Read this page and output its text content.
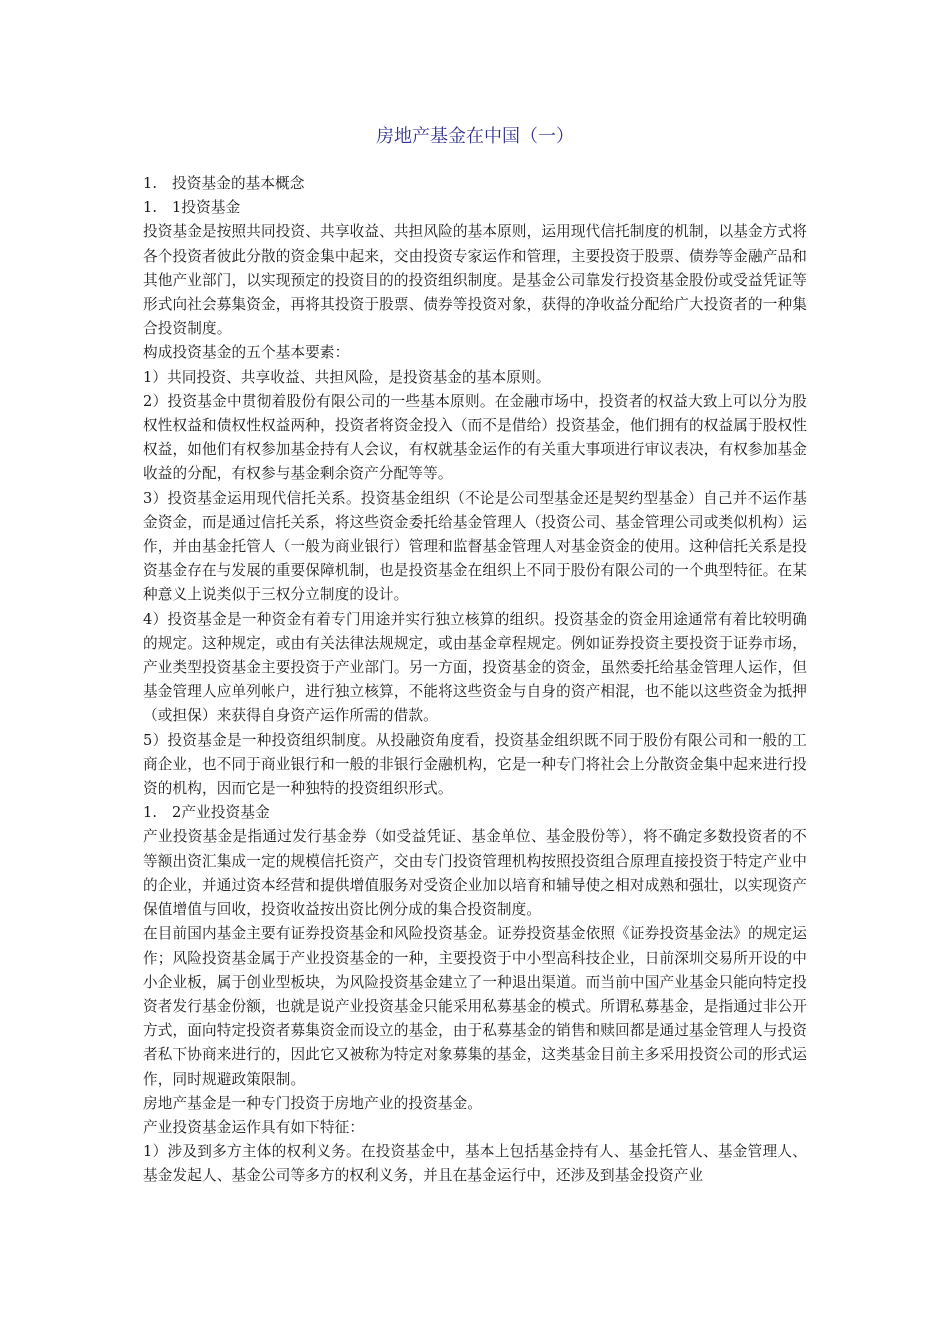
房地产基金在中国（一）

1.　投资基金的基本概念

1.　1投资基金

投资基金是按照共同投资、共享收益、共担风险的基本原则，运用现代信托制度的机制，以基金方式将各个投资者彼此分散的资金集中起来，交由投资专家运作和管理，主要投资于股票、债券等金融产品和其他产业部门，以实现预定的投资目的的投资组织制度。是基金公司靠发行投资基金股份或受益凭证等形式向社会募集资金，再将其投资于股票、债券等投资对象，获得的净收益分配给广大投资者的一种集合投资制度。

构成投资基金的五个基本要素：

1）共同投资、共享收益、共担风险，是投资基金的基本原则。

2）投资基金中贯彻着股份有限公司的一些基本原则。在金融市场中，投资者的权益大致上可以分为股权性权益和债权性权益两种，投资者将资金投入（而不是借给）投资基金，他们拥有的权益属于股权性权益，如他们有权参加基金持有人会议，有权就基金运作的有关重大事项进行审议表决，有权参加基金收益的分配，有权参与基金剩余资产分配等等。

3）投资基金运用现代信托关系。投资基金组织（不论是公司型基金还是契约型基金）自己并不运作基金资金，而是通过信托关系，将这些资金委托给基金管理人（投资公司、基金管理公司或类似机构）运作，并由基金托管人（一般为商业银行）管理和监督基金管理人对基金资金的使用。这种信托关系是投资基金存在与发展的重要保障机制，也是投资基金在组织上不同于股份有限公司的一个典型特征。在某种意义上说类似于三权分立制度的设计。

4）投资基金是一种资金有着专门用途并实行独立核算的组织。投资基金的资金用途通常有着比较明确的规定。这种规定，或由有关法律法规规定，或由基金章程规定。例如证券投资主要投资于证券市场，产业类型投资基金主要投资于产业部门。另一方面，投资基金的资金，虽然委托给基金管理人运作，但基金管理人应单列帐户，进行独立核算，不能将这些资金与自身的资产相混，也不能以这些资金为抵押（或担保）来获得自身资产运作所需的借款。

5）投资基金是一种投资组织制度。从投融资角度看，投资基金组织既不同于股份有限公司和一般的工商企业，也不同于商业银行和一般的非银行金融机构，它是一种专门将社会上分散资金集中起来进行投资的机构，因而它是一种独特的投资组织形式。

1.　2产业投资基金

产业投资基金是指通过发行基金券（如受益凭证、基金单位、基金股份等），将不确定多数投资者的不等额出资汇集成一定的规模信托资产，交由专门投资管理机构按照投资组合原理直接投资于特定产业中的企业，并通过资本经营和提供增值服务对受资企业加以培育和辅导使之相对成熟和强壮，以实现资产保值增值与回收，投资收益按出资比例分成的集合投资制度。

在目前国内基金主要有证券投资基金和风险投资基金。证券投资基金依照《证券投资基金法》的规定运作；风险投资基金属于产业投资基金的一种，主要投资于中小型高科技企业，日前深圳交易所开设的中小企业板，属于创业型板块，为风险投资基金建立了一种退出渠道。而当前中国产业基金只能向特定投资者发行基金份额，也就是说产业投资基金只能采用私募基金的模式。所谓私募基金，是指通过非公开方式，面向特定投资者募集资金而设立的基金，由于私募基金的销售和赎回都是通过基金管理人与投资者私下协商来进行的，因此它又被称为特定对象募集的基金，这类基金目前主多采用投资公司的形式运作，同时规避政策限制。

房地产基金是一种专门投资于房地产业的投资基金。

产业投资基金运作具有如下特征：

1）涉及到多方主体的权利义务。在投资基金中，基本上包括基金持有人、基金托管人、基金管理人、基金发起人、基金公司等多方的权利义务，并且在基金运行中，还涉及到基金投资产业
